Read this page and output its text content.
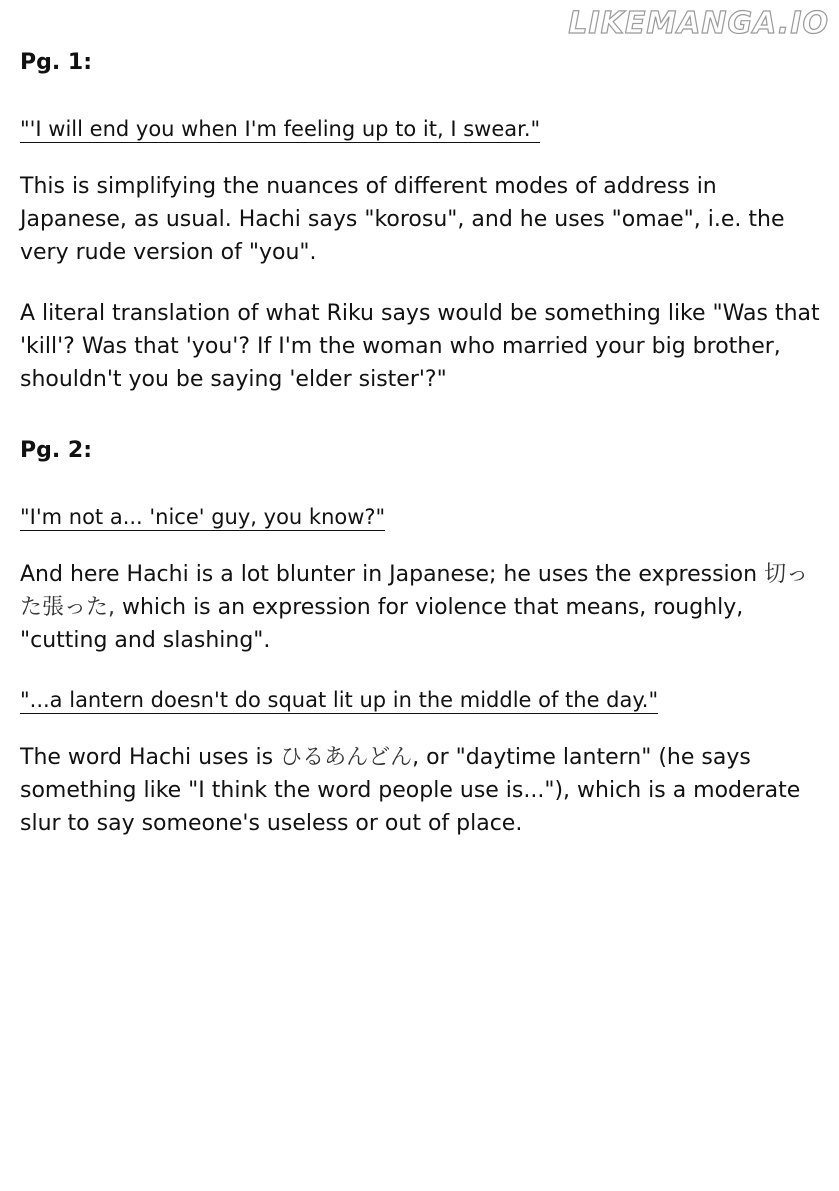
LIKEMANGA.IO
Pg. 1:
"'I will end you when I'm feeling up to it, I swear."

This is simplifying the nuances of different modes of address in Japanese, as usual. Hachi says "korosu", and he uses "omae", i.e. the very rude version of "you".

A literal translation of what Riku says would be something like "Was that 'kill'? Was that 'you'? If I'm the woman who married your big brother, shouldn't you be saying 'elder sister'?"

Pg. 2:
"I'm not a... 'nice' guy, you know?"

And here Hachi is a lot blunter in Japanese; he uses the expression 切った張った, which is an expression for violence that means, roughly, "cutting and slashing".

"...a lantern doesn't do squat lit up in the middle of the day."

The word Hachi uses is ひるあんどん, or "daytime lantern" (he says something like "I think the word people use is..."), which is a moderate slur to say someone's useless or out of place.
